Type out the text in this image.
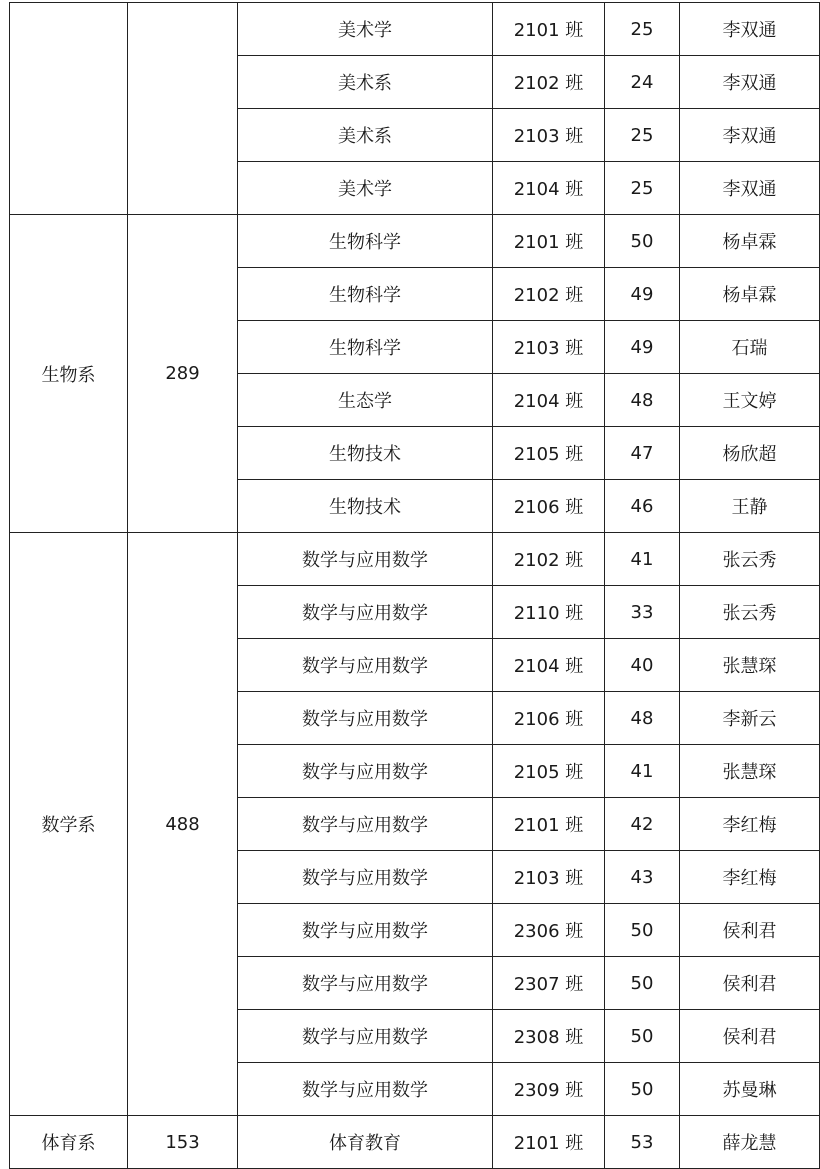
		美术学	2101 班	25	李双通
		美术系	2102 班	24	李双通
		美术系	2103 班	25	李双通
		美术学	2104 班	25	李双通
生物系	289	生物科学	2101 班	50	杨卓霖
		生物科学	2102 班	49	杨卓霖
		生物科学	2103 班	49	石瑞
		生态学	2104 班	48	王文婷
		生物技术	2105 班	47	杨欣超
		生物技术	2106 班	46	王静
数学系	488	数学与应用数学	2102 班	41	张云秀
		数学与应用数学	2110 班	33	张云秀
		数学与应用数学	2104 班	40	张慧琛
		数学与应用数学	2106 班	48	李新云
		数学与应用数学	2105 班	41	张慧琛
		数学与应用数学	2101 班	42	李红梅
		数学与应用数学	2103 班	43	李红梅
		数学与应用数学	2306 班	50	侯利君
		数学与应用数学	2307 班	50	侯利君
		数学与应用数学	2308 班	50	侯利君
		数学与应用数学	2309 班	50	苏曼琳
体育系	153	体育教育	2101 班	53	薛龙慧
